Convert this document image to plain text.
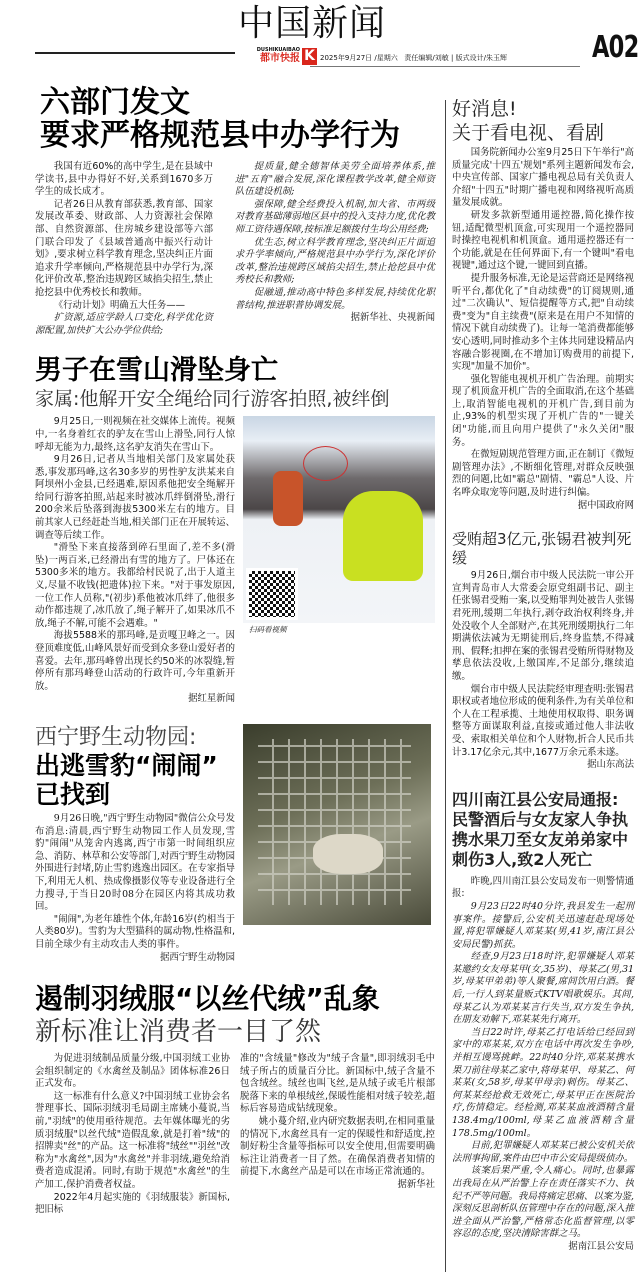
中国新闻
DUSHIKUAIBAO
都市快报 K 2025年9月27日 /星期六   责任编辑/刘敏 | 版式设计/朱玉辉	A02
六部门发文
要求严格规范县中办学行为

我国有近60%的高中学生,是在县域中学读书,县中办得好不好,关系到1670多万学生的成长成才。

记者26日从教育部获悉,教育部、国家发展改革委、财政部、人力资源社会保障部、自然资源部、住房城乡建设部等六部门联合印发了《县域普通高中振兴行动计划》,要求树立科学教育理念,坚决纠正片面追求升学率倾向,严格规范县中办学行为,深化评价改革,整治违规跨区域掐尖招生,禁止抢挖县中优秀校长和教师。

《行动计划》明确五大任务——

扩资源,适应学龄人口变化,科学优化资源配置,加快扩大公办学位供给;

提质量,健全德智体美劳全面培养体系,推进"五育"融合发展,深化课程教学改革,健全师资队伍建设机制;

强保障,健全经费投入机制,加大省、市两级对教育基础薄弱地区县中的投入支持力度,优化教师工资待遇保障,按标准足额拨付生均公用经费;

优生态,树立科学教育理念,坚决纠正片面追求升学率倾向,严格规范县中办学行为,深化评价改革,整治违规跨区域掐尖招生,禁止抢挖县中优秀校长和教师;

促融通,推动高中特色多样发展,持续优化职普结构,推进职普协调发展。

据新华社、央视新闻
男子在雪山滑坠身亡
家属:他解开安全绳给同行游客拍照,被绊倒

9月25日,一则视频在社交媒体上流传。视频中,一名身着红衣的驴友在雪山上滑坠,同行人惊呼却无能为力,最终,这名驴友消失在雪山下。

9月26日,记者从当地相关部门及家属处获悉,事发那玛峰,这名30多岁的男性驴友洪某来自阿坝州小金县,已经遇难,原因系他把安全绳解开给同行游客拍照,站起来时被冰爪绊倒滑坠,滑行200余米后坠落到海拔5300米左右的地方。目前其家人已经赶赴当地,相关部门正在开展转运、调查等后续工作。

"滑坠下来直接落到碎石里面了,差不多(滑坠)一两百米,已经滑出有雪的地方了。尸体还在5300多米的地方。我都给村民说了,出于人道主义,尽量不收钱(把遗体)拉下来。"对于事发原因,一位工作人员称,"(初步)系他被冰爪绊了,他很多动作都违规了,冰爪放了,绳子解开了,如果冰爪不放,绳子不解,可能不会遇难。"

海拔5588米的那玛峰,是贡嘎卫峰之一。因登顶难度低,山峰风景好而受到众多登山爱好者的喜爱。去年,那玛峰曾出现长约50米的冰裂缝,暂停所有那玛峰登山活动的行政许可,今年重新开放。

据红星新闻
扫码看视频
西宁野生动物园:
出逃雪豹“闹闹”
已找到

9月26日晚,"西宁野生动物园"微信公众号发布消息:清晨,西宁野生动物园工作人员发现,雪豹"闹闹"从笼舍内逃离,西宁市第一时间组织应急、消防、林草和公安等部门,对西宁野生动物园外围进行封堵,防止雪豹逃逸出园区。在专家指导下,利用无人机、热成像摄影仪等专业设备进行全力搜寻,于当日20时08分在园区内将其成功救回。

"闹闹",为老年雄性个体,年龄16岁(约相当于人类80岁)。雪豹为大型猫科的属动物,性格温和,目前全球少有主动攻击人类的事件。

据西宁野生动物园
遏制羽绒服“以丝代绒”乱象
新标准让消费者一目了然

为促进羽绒制品质量分级,中国羽绒工业协会组织制定的《水禽丝及制品》团体标准26日正式发布。

这一标准有什么意义?中国羽绒工业协会名誉理事长、国际羽绒羽毛局副主席姚小蔓说,当前,"羽绒"的使用亟待规范。去年媒体曝光的劣质羽绒服"以丝代绒"造假乱象,就是打着"绒"的招牌卖"丝"的产品。这一标准将"绒丝""羽丝"改称为"水禽丝",因为"水禽丝"并非羽绒,避免给消费者造成混淆。同时,有助于规范"水禽丝"的生产加工,保护消费者权益。

2022年4月起实施的《羽绒服装》新国标,把旧标

准的"含绒量"修改为"绒子含量",即羽绒羽毛中绒子所占的质量百分比。新国标中,绒子含量不包含绒丝。绒丝也叫飞丝,是从绒子或毛片根部脱落下来的单根绒丝,保暖性能相对绒子较差,超标后容易造成钻绒现象。

姚小蔓介绍,业内研究数据表明,在相同重量的情况下,水禽丝具有一定的保暖性和舒适度,控制好粉尘含量等指标可以安全使用,但需要明确标注让消费者一目了然。在确保消费者知情的前提下,水禽丝产品是可以在市场正常流通的。

据新华社
好消息!
关于看电视、看剧

国务院新闻办公室9月25日下午举行"高质量完成'十四五'规划"系列主题新闻发布会,中央宣传部、国家广播电视总局有关负责人介绍"十四五"时期广播电视和网络视听高质量发展成就。

研发多款新型通用遥控器,简化操作按钮,适配微型机顶盒,可实现用一个遥控器同时操控电视机和机顶盒。通用遥控器还有一个功能,就是在任何界面下,有一个键叫"看电视键",通过这个键,一键回到直播。

提升服务标准,无论是运营商还是网络视听平台,都优化了"自动续费"的订阅规则,通过"二次确认"、短信提醒等方式,把"自动续费"变为"自主续费"(原来是在用户不知情的情况下就自动续费了)。让每一笔消费都能够安心透明,同时推动多个主体共同建设精品内容融合影视圈,在不增加订购费用的前提下,实现"加量不加价"。

强化智能电视机开机广告治理。前期实现了机顶盒开机广告的全面取消,在这个基础上,取消智能电视机的开机广告,到目前为止,93%的机型实现了开机广告的"一键关闭"功能,而且向用户提供了"永久关闭"服务。

在微短剧规范管理方面,正在制订《微短剧管理办法》,不断细化管理,对群众反映强烈的问题,比如"霸总"剧情、"霸总"人设、片名哗众取宠等问题,及时进行纠偏。

据中国政府网
受贿超3亿元,张锡君被判死缓

9月26日,烟台市中级人民法院一审公开宣判青岛市人大常委会原党组副书记、副主任张锡君受贿一案,以受贿罪判处被告人张锡君死刑,缓期二年执行,剥夺政治权利终身,并处没收个人全部财产,在其死刑缓期执行二年期满依法减为无期徒刑后,终身监禁,不得减刑、假释;扣押在案的张锡君受贿所得财物及孳息依法没收,上缴国库,不足部分,继续追缴。

烟台市中级人民法院经审理查明:张锡君职权或者地位形成的便利条件,为有关单位和个人在工程承揽、土地使用权取得、职务调整等方面谋取利益,直接或通过他人非法收受、索取相关单位和个人财物,折合人民币共计3.17亿余元,其中,1677万余元系未遂。

据山东高法
四川南江县公安局通报:
民警酒后与女友家人争执
携水果刀至女友弟弟家中
刺伤3人,致2人死亡

昨晚,四川南江县公安局发布一则警情通报:

9月23日22时40分许,我县发生一起刑事案件。接警后,公安机关迅速赶赴现场处置,将犯罪嫌疑人邓某某(男,41岁,南江县公安局民警)抓获。

经查,9月23日18时许,犯罪嫌疑人邓某某邀约女友母某甲(女,35岁)、母某乙(男,31岁,母某甲弟弟)等人聚餐,席间饮用白酒。餐后,一行人到某量贩式KTV唱歌娱乐。其间,母某乙认为邓某某言行失当,双方发生争执,在朋友劝解下,邓某某先行离开。

当日22时许,母某乙打电话给已经回到家中的邓某某,双方在电话中再次发生争吵,并相互谩骂挑衅。22时40分许,邓某某携水果刀前往母某乙家中,将母某甲、母某乙、何某某(女,58岁,母某甲母亲)刺伤。母某乙、何某某经抢救无效死亡,母某甲正在医院治疗,伤情稳定。经检测,邓某某血液酒精含量138.4mg/100ml,母某乙血液酒精含量178.5mg/100ml。

目前,犯罪嫌疑人邓某某已被公安机关依法刑事拘留,案件由巴中市公安局提级侦办。

该案后果严重,令人痛心。同时,也暴露出我局在从严治警上存在责任落实不力、执纪不严等问题。我局将痛定思痛、以案为鉴,深刻反思剖析队伍管理中存在的问题,深入推进全面从严治警,严格常态化监督管理,以零容忍的态度,坚决清除害群之马。

据南江县公安局
